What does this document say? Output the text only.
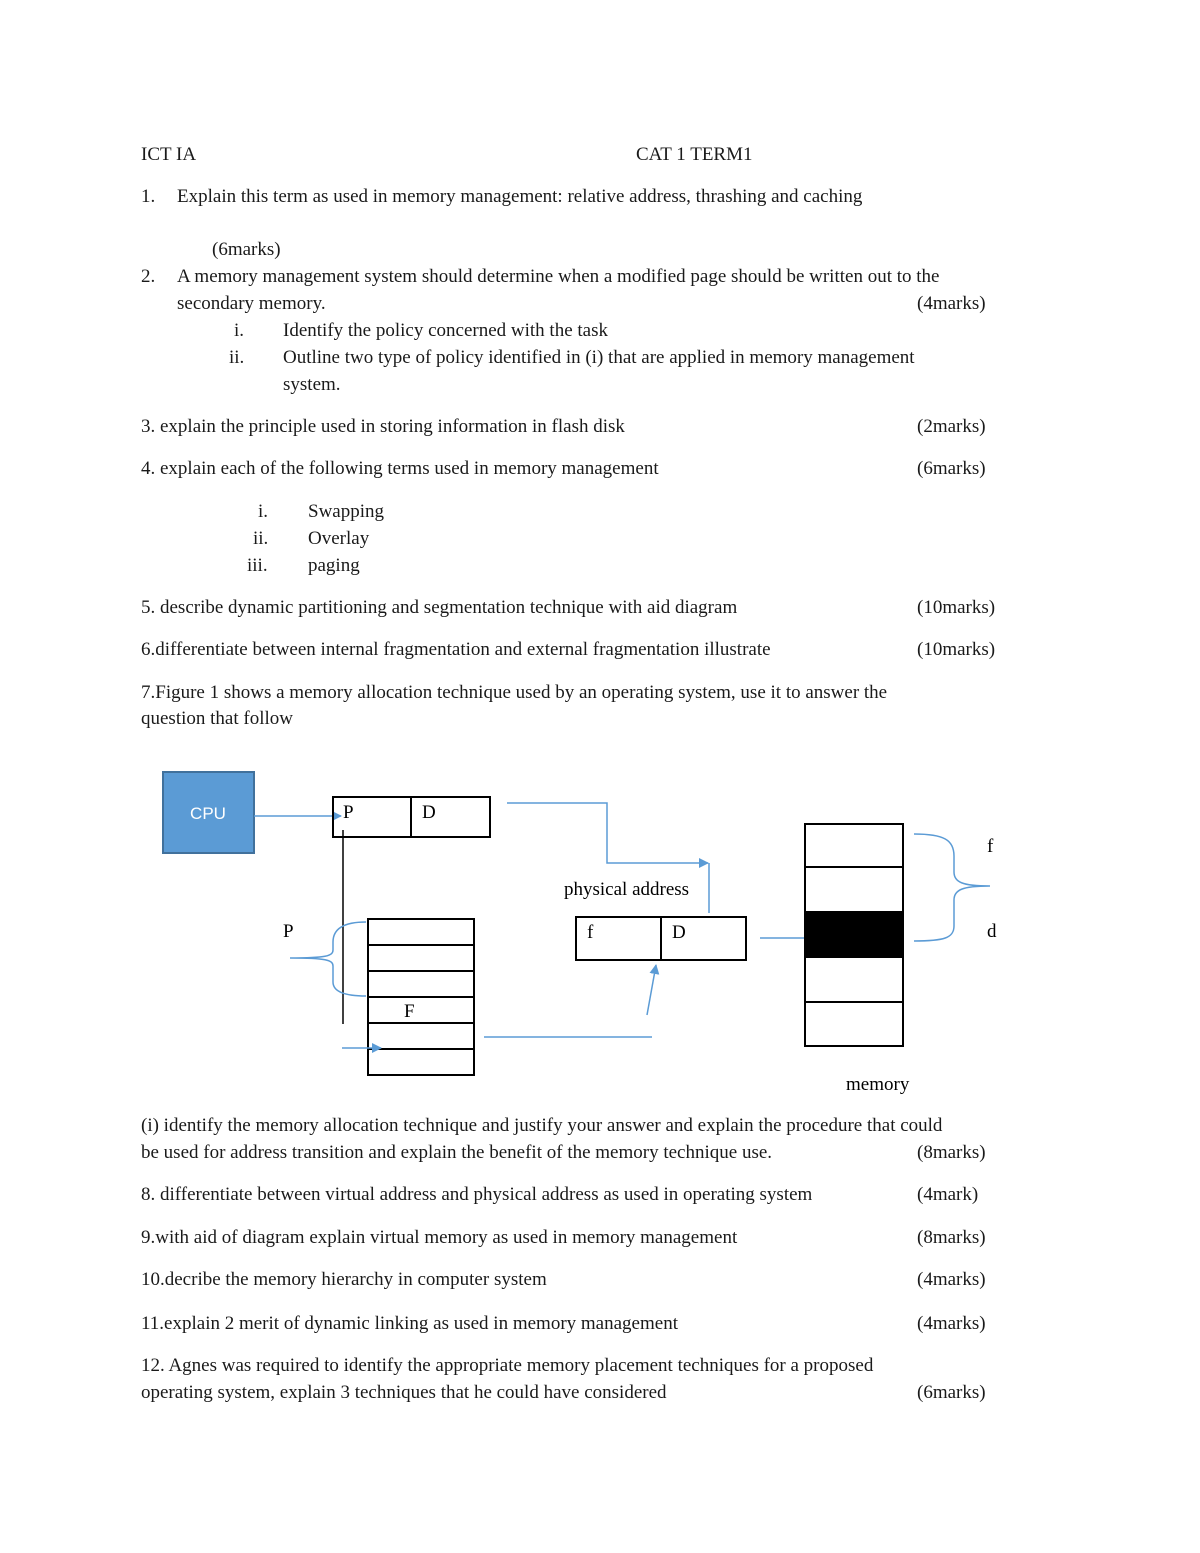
ICT IA	CAT 1 TERM1
1. Explain this term as used in memory management: relative address, thrashing and caching
(6marks)
2. A memory management system should determine when a modified page should be written out to the
secondary memory.	(4marks)
i. Identify the policy concerned with the task
ii. Outline two type of policy identified in (i) that are applied in memory management
system.
3. explain the principle used in storing information in flash disk	(2marks)
4. explain each of the following terms used in memory management	(6marks)
i. Swapping
ii. Overlay
iii. paging
5. describe dynamic partitioning and segmentation technique with aid diagram	(10marks)
6.differentiate between internal fragmentation and external fragmentation illustrate	(10marks)
7.Figure 1 shows a memory allocation technique used by an operating system, use it to answer the
question that follow
CPU	P	D
F
P
physical address
f	D
f
d
memory
(i) identify the memory allocation technique and justify your answer and explain the procedure that could
be used for address transition and explain the benefit of the memory technique use.	(8marks)
8. differentiate between virtual address and physical address as used in operating system	(4mark)
9.with aid of diagram explain virtual memory as used in memory management	(8marks)
10.decribe the memory hierarchy in computer system	(4marks)
11.explain 2 merit of dynamic linking as used in memory management	(4marks)
12. Agnes was required to identify the appropriate memory placement techniques for a proposed
operating system, explain 3 techniques that he could have considered	(6marks)
